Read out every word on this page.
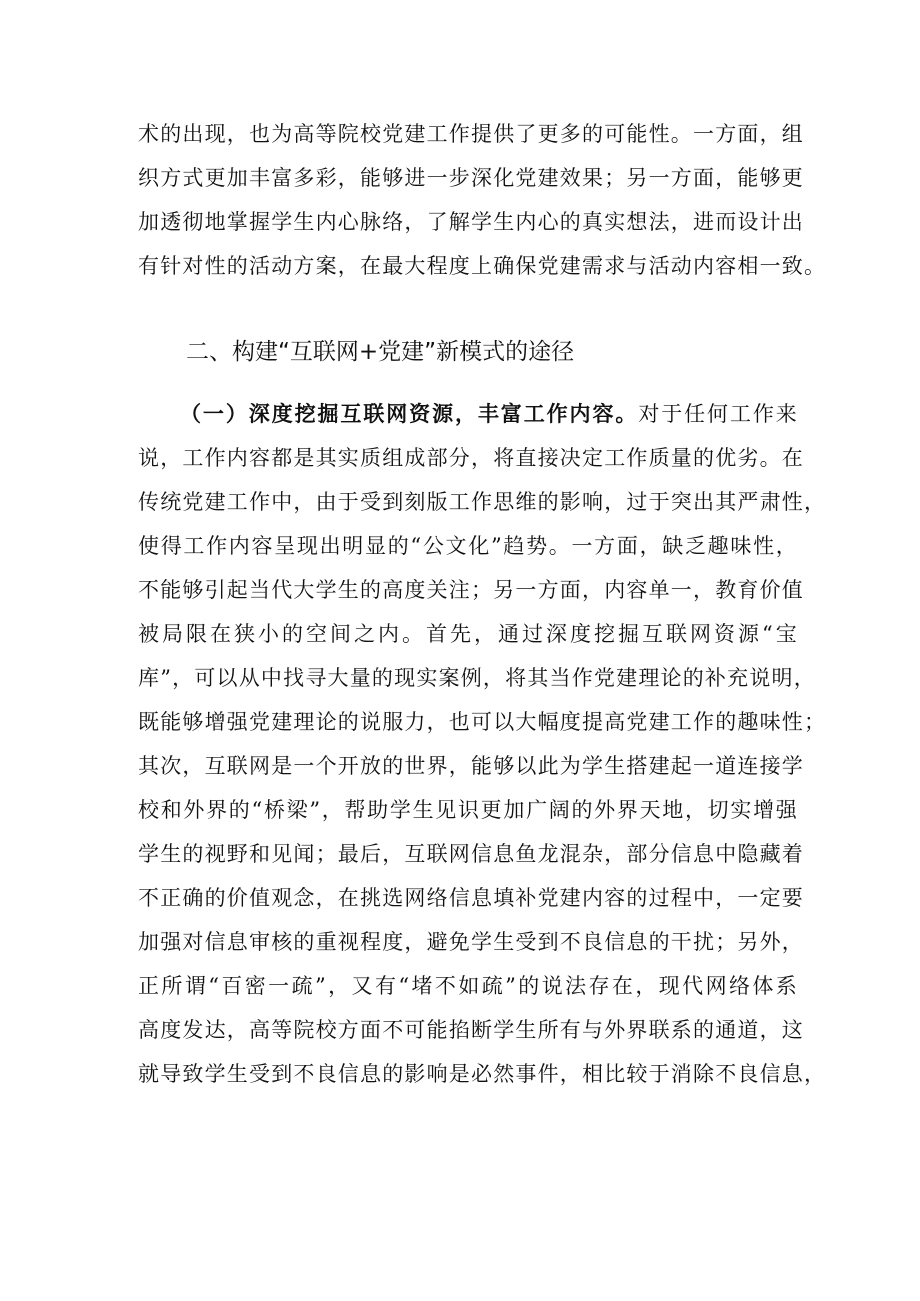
术的出现，也为高等院校党建工作提供了更多的可能性。一方面，组
织方式更加丰富多彩，能够进一步深化党建效果；另一方面，能够更
加透彻地掌握学生内心脉络，了解学生内心的真实想法，进而设计出
有针对性的活动方案，在最大程度上确保党建需求与活动内容相一致。
二、构建“互联网+党建”新模式的途径
（一）深度挖掘互联网资源，丰富工作内容。对于任何工作来
说，工作内容都是其实质组成部分，将直接决定工作质量的优劣。在
传统党建工作中，由于受到刻版工作思维的影响，过于突出其严肃性，
使得工作内容呈现出明显的“公文化”趋势。一方面，缺乏趣味性，
不能够引起当代大学生的高度关注；另一方面，内容单一，教育价值
被局限在狭小的空间之内。首先，通过深度挖掘互联网资源“宝
库”，可以从中找寻大量的现实案例，将其当作党建理论的补充说明，
既能够增强党建理论的说服力，也可以大幅度提高党建工作的趣味性；
其次，互联网是一个开放的世界，能够以此为学生搭建起一道连接学
校和外界的“桥梁”，帮助学生见识更加广阔的外界天地，切实增强
学生的视野和见闻；最后，互联网信息鱼龙混杂，部分信息中隐藏着
不正确的价值观念，在挑选网络信息填补党建内容的过程中，一定要
加强对信息审核的重视程度，避免学生受到不良信息的干扰；另外，
正所谓“百密一疏”，又有“堵不如疏”的说法存在，现代网络体系
高度发达，高等院校方面不可能掐断学生所有与外界联系的通道，这
就导致学生受到不良信息的影响是必然事件，相比较于消除不良信息，
